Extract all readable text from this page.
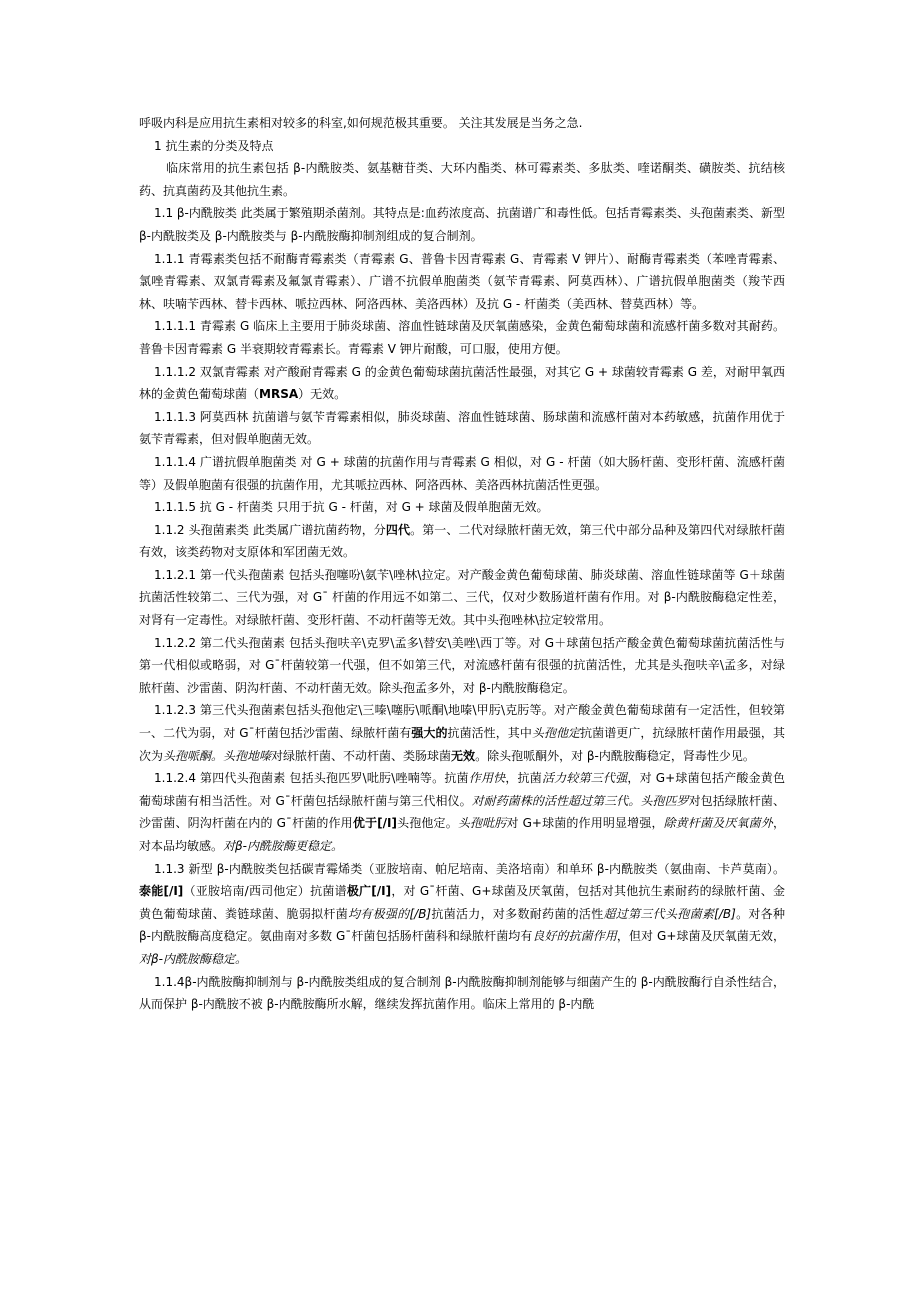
呼吸内科是应用抗生素相对较多的科室,如何规范极其重要。 关注其发展是当务之急.

1 抗生素的分类及特点

临床常用的抗生素包括 β-内酰胺类、氨基糖苷类、大环内酯类、林可霉素类、多肽类、喹诺酮类、磺胺类、抗结核药、抗真菌药及其他抗生素。

1.1 β-内酰胺类 此类属于繁殖期杀菌剂。其特点是:血药浓度高、抗菌谱广和毒性低。包括青霉素类、头孢菌素类、新型 β-内酰胺类及 β-内酰胺类与 β-内酰胺酶抑制剂组成的复合制剂。

1.1.1 青霉素类包括不耐酶青霉素类（青霉素 G、普鲁卡因青霉素 G、青霉素 V 钾片）、耐酶青霉素类（苯唑青霉素、氯唑青霉素、双氯青霉素及氟氯青霉素）、广谱不抗假单胞菌类（氨苄青霉素、阿莫西林）、广谱抗假单胞菌类（羧苄西林、呋喃苄西林、替卡西林、哌拉西林、阿洛西林、美洛西林）及抗 G - 杆菌类（美西林、替莫西林）等。

1.1.1.1 青霉素 G 临床上主要用于肺炎球菌、溶血性链球菌及厌氧菌感染，金黄色葡萄球菌和流感杆菌多数对其耐药。普鲁卡因青霉素 G 半衰期较青霉素长。青霉素 V 钾片耐酸，可口服，使用方便。

1.1.1.2 双氯青霉素 对产酸耐青霉素 G 的金黄色葡萄球菌抗菌活性最强，对其它 G + 球菌较青霉素 G 差，对耐甲氧西林的金黄色葡萄球菌（MRSA）无效。

1.1.1.3 阿莫西林 抗菌谱与氨苄青霉素相似，肺炎球菌、溶血性链球菌、肠球菌和流感杆菌对本药敏感，抗菌作用优于氨苄青霉素，但对假单胞菌无效。

1.1.1.4 广谱抗假单胞菌类 对 G + 球菌的抗菌作用与青霉素 G 相似，对 G - 杆菌（如大肠杆菌、变形杆菌、流感杆菌等）及假单胞菌有很强的抗菌作用，尤其哌拉西林、阿洛西林、美洛西林抗菌活性更强。

1.1.1.5 抗 G - 杆菌类 只用于抗 G - 杆菌，对 G + 球菌及假单胞菌无效。

1.1.2 头孢菌素类 此类属广谱抗菌药物，分四代。第一、二代对绿脓杆菌无效，第三代中部分品种及第四代对绿脓杆菌有效，该类药物对支原体和军团菌无效。

1.1.2.1 第一代头孢菌素 包括头孢噻吩\氨苄\唑林\拉定。对产酸金黄色葡萄球菌、肺炎球菌、溶血性链球菌等 G＋球菌抗菌活性较第二、三代为强，对 G¯ 杆菌的作用远不如第二、三代，仅对少数肠道杆菌有作用。对 β-内酰胺酶稳定性差，对肾有一定毒性。对绿脓杆菌、变形杆菌、不动杆菌等无效。其中头孢唑林\拉定较常用。

1.1.2.2 第二代头孢菌素 包括头孢呋辛\克罗\孟多\替安\美唑\西丁等。对 G＋球菌包括产酸金黄色葡萄球菌抗菌活性与第一代相似或略弱，对 G¯杆菌较第一代强，但不如第三代，对流感杆菌有很强的抗菌活性，尤其是头孢呋辛\孟多，对绿脓杆菌、沙雷菌、阴沟杆菌、不动杆菌无效。除头孢孟多外，对 β-内酰胺酶稳定。

1.1.2.3 第三代头孢菌素包括头孢他定\三嗪\噻肟\哌酮\地嗪\甲肟\克肟等。对产酸金黄色葡萄球菌有一定活性，但较第一、二代为弱，对 G¯杆菌包括沙雷菌、绿脓杆菌有强大的抗菌活性，其中头孢他定抗菌谱更广，抗绿脓杆菌作用最强，其次为头孢哌酮。头孢地嗪对绿脓杆菌、不动杆菌、类肠球菌无效。除头孢哌酮外，对 β-内酰胺酶稳定，肾毒性少见。

1.1.2.4 第四代头孢菌素 包括头孢匹罗\吡肟\唑喃等。抗菌作用快，抗菌活力较第三代强，对 G+球菌包括产酸金黄色葡萄球菌有相当活性。对 G¯杆菌包括绿脓杆菌与第三代相仪。对耐药菌株的活性超过第三代。头孢匹罗对包括绿脓杆菌、沙雷菌、阴沟杆菌在内的 G¯杆菌的作用优于[/I]头孢他定。头孢吡肟对 G+球菌的作用明显增强，除黄杆菌及厌氧菌外，对本品均敏感。对β-内酰胺酶更稳定。

1.1.3 新型 β-内酰胺类包括碳青霉烯类（亚胺培南、帕尼培南、美洛培南）和单环 β-内酰胺类（氨曲南、卡芦莫南）。泰能[/I]（亚胺培南/西司他定）抗菌谱极广[/I]，对 G¯杆菌、G+球菌及厌氧菌，包括对其他抗生素耐药的绿脓杆菌、金黄色葡萄球菌、粪链球菌、脆弱拟杆菌均有极强的[/B]抗菌活力，对多数耐药菌的活性超过第三代头孢菌素[/B]。对各种 β-内酰胺酶高度稳定。氨曲南对多数 G¯杆菌包括肠杆菌科和绿脓杆菌均有良好的抗菌作用，但对 G+球菌及厌氧菌无效，对β-内酰胺酶稳定。

1.1.4β-内酰胺酶抑制剂与 β-内酰胺类组成的复合制剂 β-内酰胺酶抑制剂能够与细菌产生的 β-内酰胺酶行自杀性结合，从而保护 β-内酰胺不被 β-内酰胺酶所水解，继续发挥抗菌作用。临床上常用的 β-内酰
